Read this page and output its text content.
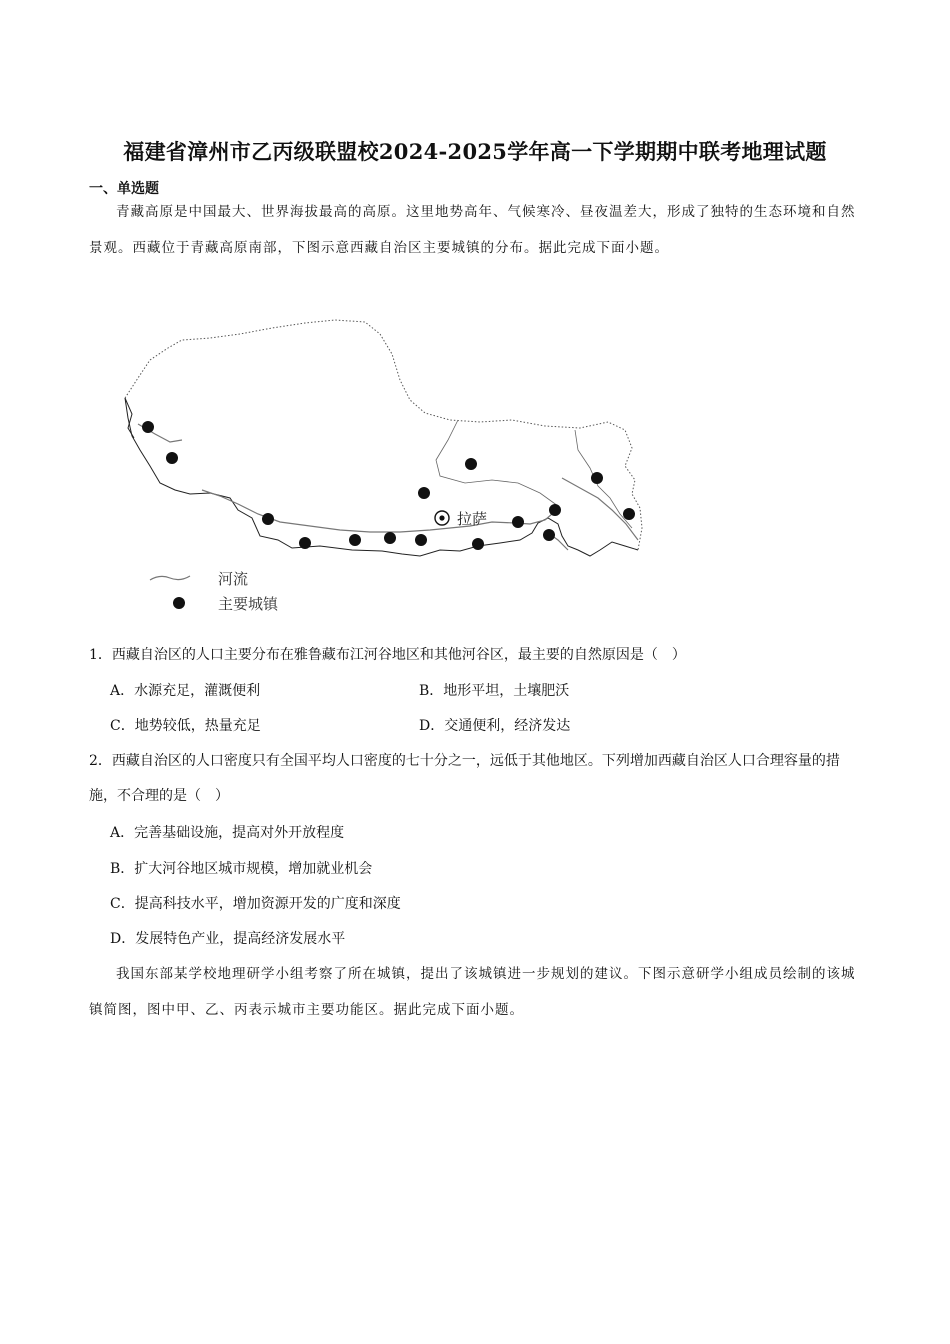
福建省漳州市乙丙级联盟校2024-2025学年高一下学期期中联考地理试题
一、单选题
青藏高原是中国最大、世界海拔最高的高原。这里地势高年、气候寒冷、昼夜温差大，形成了独特的生态环境和自然景观。西藏位于青藏高原南部，下图示意西藏自治区主要城镇的分布。据此完成下面小题。
拉萨
河流
主要城镇
1．西藏自治区的人口主要分布在雅鲁藏布江河谷地区和其他河谷区，最主要的自然原因是（　）
A．水源充足，灌溉便利	B．地形平坦，土壤肥沃
C．地势较低，热量充足	D．交通便利，经济发达
2．西藏自治区的人口密度只有全国平均人口密度的七十分之一，远低于其他地区。下列增加西藏自治区人口合理容量的措施，不合理的是（　）
A．完善基础设施，提高对外开放程度
B．扩大河谷地区城市规模，增加就业机会
C．提高科技水平，增加资源开发的广度和深度
D．发展特色产业，提高经济发展水平
我国东部某学校地理研学小组考察了所在城镇，提出了该城镇进一步规划的建议。下图示意研学小组成员绘制的该城镇简图，图中甲、乙、丙表示城市主要功能区。据此完成下面小题。
